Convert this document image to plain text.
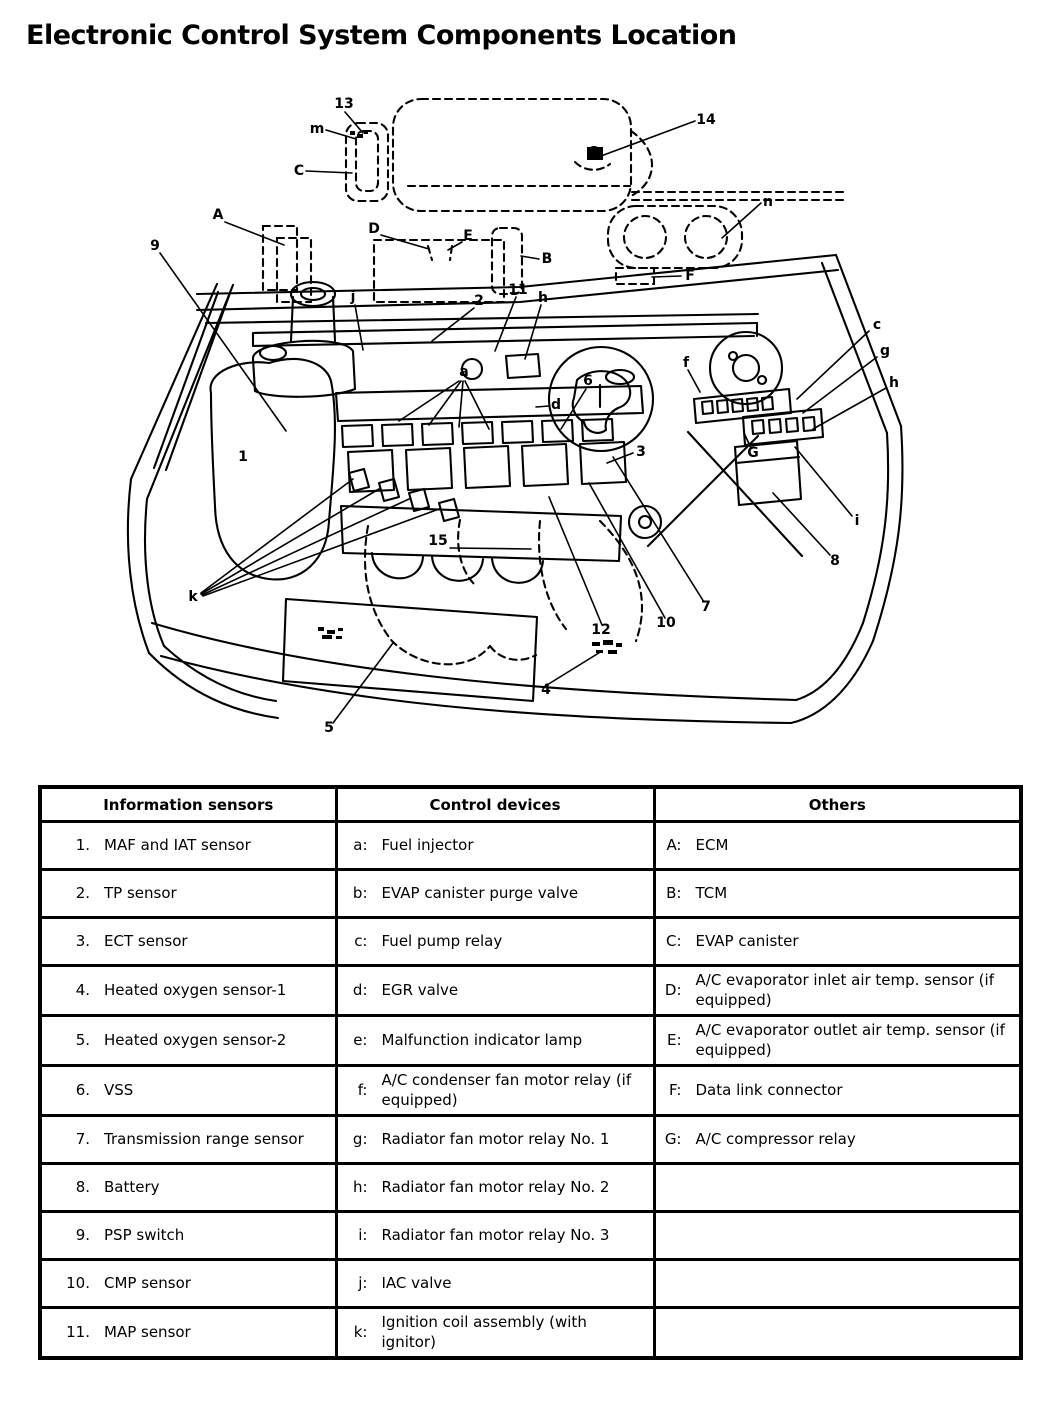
Electronic Control System Components Location
13
m
C
14
n
A
D	E
B
F
9
j	2
11 h
c
g
h
f
G
i
8
6
3
a
d
1
k
15
12	10
7
5
4
Information sensors	Control devices	Others

1. MAF and IAT sensor	a: Fuel injector	A: ECM

2. TP sensor	b: EVAP canister purge valve	B: TCM

3. ECT sensor	c: Fuel pump relay	C: EVAP canister

4. Heated oxygen sensor-1	d: EGR valve	D:
A/C evaporator inlet air temp. sensor (if equipped)

5. Heated oxygen sensor-2	e: Malfunction indicator lamp	E:
A/C evaporator outlet air temp. sensor (if equipped)

6. VSS	f:
A/C condenser fan motor relay (if equipped)	F: Data link connector

7. Transmission range sensor	g: Radiator fan motor relay No. 1	G: A/C compressor relay

8. Battery	h: Radiator fan motor relay No. 2	

9. PSP switch	i: Radiator fan motor relay No. 3	

10. CMP sensor	j: IAC valve	

11. MAP sensor	k:
Ignition coil assembly (with ignitor)	
